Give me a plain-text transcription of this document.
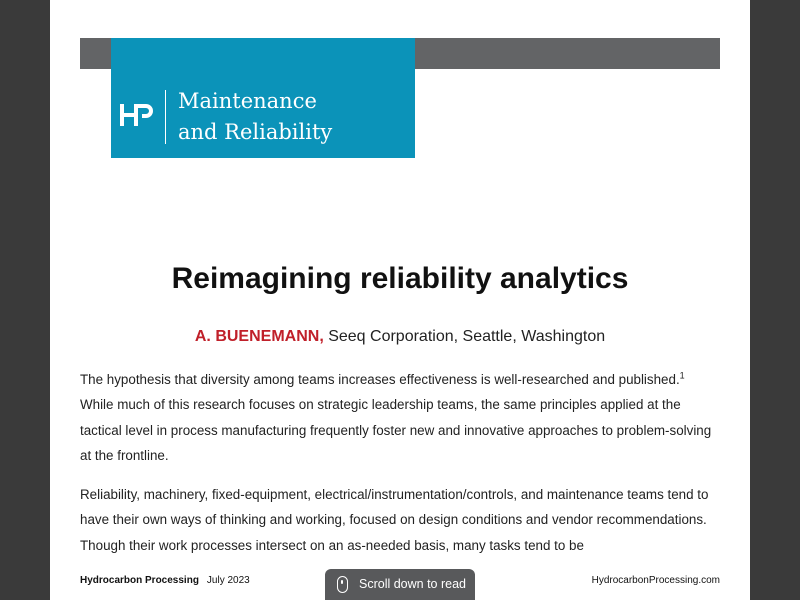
Maintenance
and Reliability
Reimagining reliability analytics
A. BUENEMANN, Seeq Corporation, Seattle, Washington

The hypothesis that diversity among teams increases effectiveness is well-researched and published.$^1$ While much of this research focuses on strategic leadership teams, the same principles applied at the tactical level in process manufacturing frequently foster new and innovative approaches to problem-solving at the frontline.

Reliability, machinery, fixed-equipment, electrical/instrumentation/controls, and maintenance teams tend to have their own ways of thinking and working, focused on design conditions and vendor recommendations. Though their work processes intersect on an as-needed basis, many tasks tend to be

Hydrocarbon Processing July 2023	HydrocarbonProcessing.com
Scroll down to read
